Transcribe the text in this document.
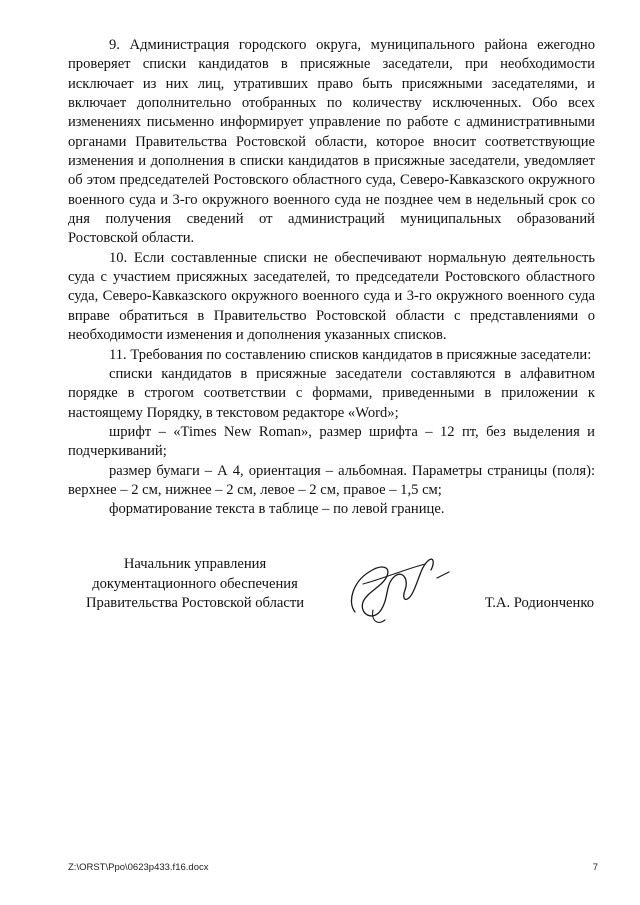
9. Администрация городского округа, муниципального района ежегодно проверяет списки кандидатов в присяжные заседатели, при необходимости исключает из них лиц, утративших право быть присяжными заседателями, и включает дополнительно отобранных по количеству исключенных. Обо всех изменениях письменно информирует управление по работе с административными органами Правительства Ростовской области, которое вносит соответствующие изменения и дополнения в списки кандидатов в присяжные заседатели, уведомляет об этом председателей Ростовского областного суда, Северо-Кавказского окружного военного суда и 3-го окружного военного суда не позднее чем в недельный срок со дня получения сведений от администраций муниципальных образований Ростовской области.

10. Если составленные списки не обеспечивают нормальную деятельность суда с участием присяжных заседателей, то председатели Ростовского областного суда, Северо-Кавказского окружного военного суда и 3-го окружного военного суда вправе обратиться в Правительство Ростовской области с представлениями о необходимости изменения и дополнения указанных списков.

11. Требования по составлению списков кандидатов в присяжные заседатели:

списки кандидатов в присяжные заседатели составляются в алфавитном порядке в строгом соответствии с формами, приведенными в приложении к настоящему Порядку, в текстовом редакторе «Word»;

шрифт – «Times New Roman», размер шрифта – 12 пт, без выделения и подчеркиваний;

размер бумаги – А 4, ориентация – альбомная. Параметры страницы (поля): верхнее – 2 см, нижнее – 2 см, левое – 2 см, правое – 1,5 см;

форматирование текста в таблице – по левой границе.

Начальник управления
документационного обеспечения
Правительства Ростовской области	Т.А. Родионченко
Z:\ORST\Ppo\0623p433.f16.docx	7
